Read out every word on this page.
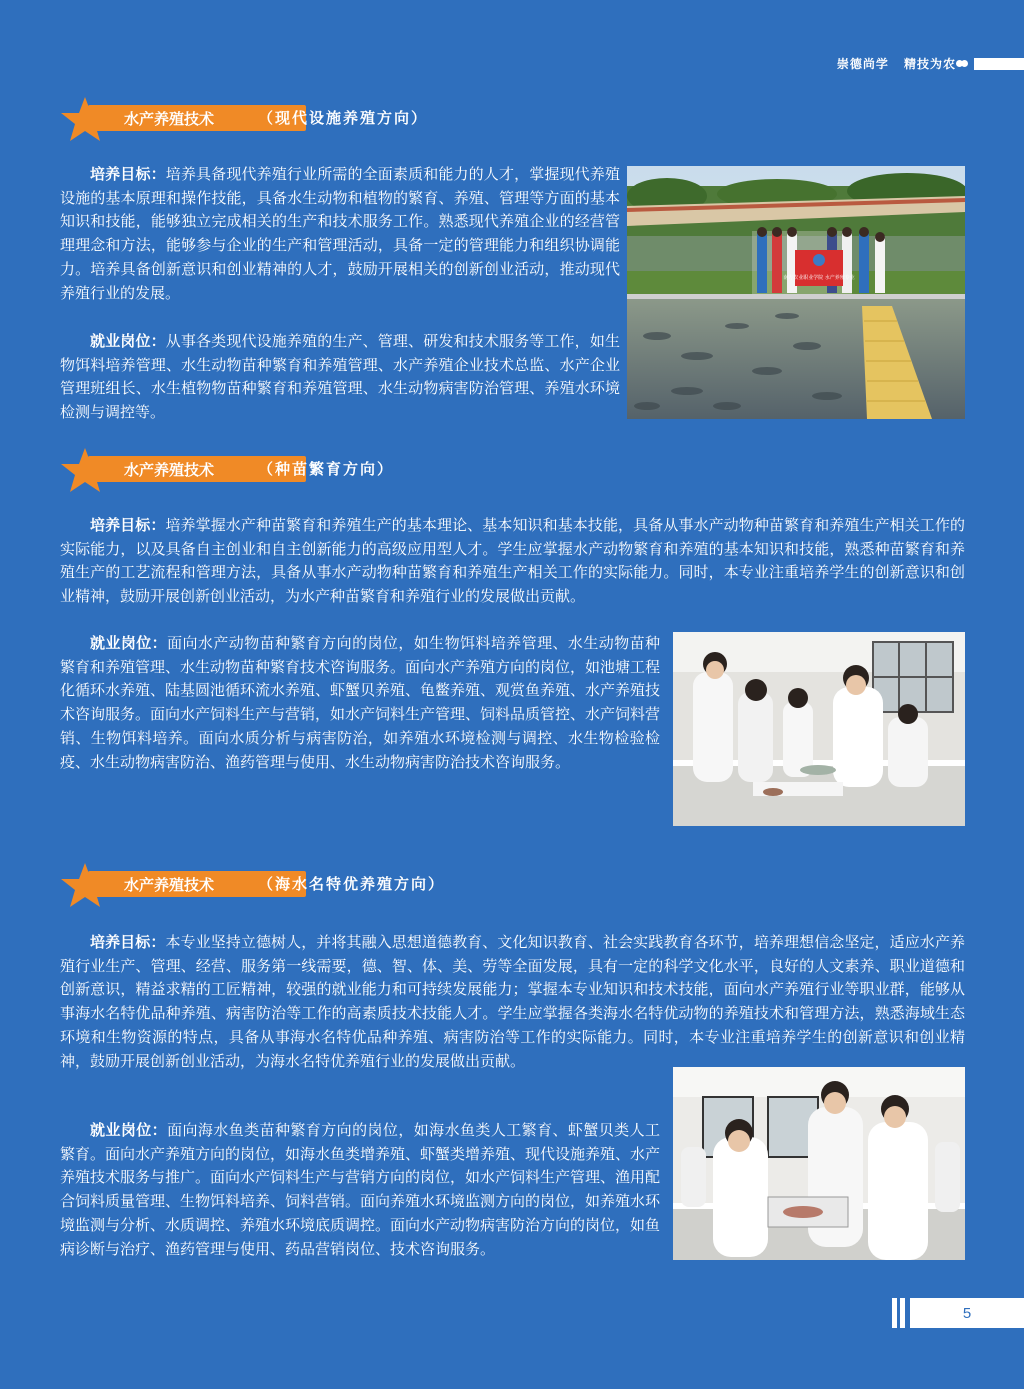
崇德尚学 精技为农
水产养殖技术	（现代设施养殖方向）

培养目标：培养具备现代养殖行业所需的全面素质和能力的人才，掌握现代养殖设施的基本原理和操作技能，具备水生动物和植物的繁育、养殖、管理等方面的基本知识和技能，能够独立完成相关的生产和技术服务工作。熟悉现代养殖企业的经营管理理念和方法，能够参与企业的生产和管理活动，具备一定的管理能力和组织协调能力。培养具备创新意识和创业精神的人才，鼓励开展相关的创新创业活动，推动现代养殖行业的发展。

就业岗位：从事各类现代设施养殖的生产、管理、研发和技术服务等工作，如生物饵料培养管理、水生动物苗种繁育和养殖管理、水产养殖企业技术总监、水产企业管理班组长、水生植物物苗种繁育和养殖管理、水生动物病害防治管理、养殖水环境检测与调控等。

南方农业职业学院 水产养殖专业
水产养殖技术	（种苗繁育方向）

培养目标：培养掌握水产种苗繁育和养殖生产的基本理论、基本知识和基本技能，具备从事水产动物种苗繁育和养殖生产相关工作的实际能力，以及具备自主创业和自主创新能力的高级应用型人才。学生应掌握水产动物繁育和养殖的基本知识和技能，熟悉种苗繁育和养殖生产的工艺流程和管理方法，具备从事水产动物种苗繁育和养殖生产相关工作的实际能力。同时，本专业注重培养学生的创新意识和创业精神，鼓励开展创新创业活动，为水产种苗繁育和养殖行业的发展做出贡献。

就业岗位：面向水产动物苗种繁育方向的岗位，如生物饵料培养管理、水生动物苗种繁育和养殖管理、水生动物苗种繁育技术咨询服务。面向水产养殖方向的岗位，如池塘工程化循环水养殖、陆基圆池循环流水养殖、虾蟹贝养殖、龟鳖养殖、观赏鱼养殖、水产养殖技术咨询服务。面向水产饲料生产与营销，如水产饲料生产管理、饲料品质管控、水产饲料营销、生物饵料培养。面向水质分析与病害防治，如养殖水环境检测与调控、水生物检验检疫、水生动物病害防治、渔药管理与使用、水生动物病害防治技术咨询服务。

水产养殖技术	（海水名特优养殖方向）

培养目标：本专业坚持立德树人，并将其融入思想道德教育、文化知识教育、社会实践教育各环节，培养理想信念坚定，适应水产养殖行业生产、管理、经营、服务第一线需要，德、智、体、美、劳等全面发展，具有一定的科学文化水平，良好的人文素养、职业道德和创新意识，精益求精的工匠精神，较强的就业能力和可持续发展能力；掌握本专业知识和技术技能，面向水产养殖行业等职业群，能够从事海水名特优品种养殖、病害防治等工作的高素质技术技能人才。学生应掌握各类海水名特优动物的养殖技术和管理方法，熟悉海域生态环境和生物资源的特点，具备从事海水名特优品种养殖、病害防治等工作的实际能力。同时，本专业注重培养学生的创新意识和创业精神，鼓励开展创新创业活动，为海水名特优养殖行业的发展做出贡献。

就业岗位：面向海水鱼类苗种繁育方向的岗位，如海水鱼类人工繁育、虾蟹贝类人工繁育。面向水产养殖方向的岗位，如海水鱼类增养殖、虾蟹类增养殖、现代设施养殖、水产养殖技术服务与推广。面向水产饲料生产与营销方向的岗位，如水产饲料生产管理、渔用配合饲料质量管理、生物饵料培养、饲料营销。面向养殖水环境监测方向的岗位，如养殖水环境监测与分析、水质调控、养殖水环境底质调控。面向水产动物病害防治方向的岗位，如鱼病诊断与治疗、渔药管理与使用、药品营销岗位、技术咨询服务。

5
